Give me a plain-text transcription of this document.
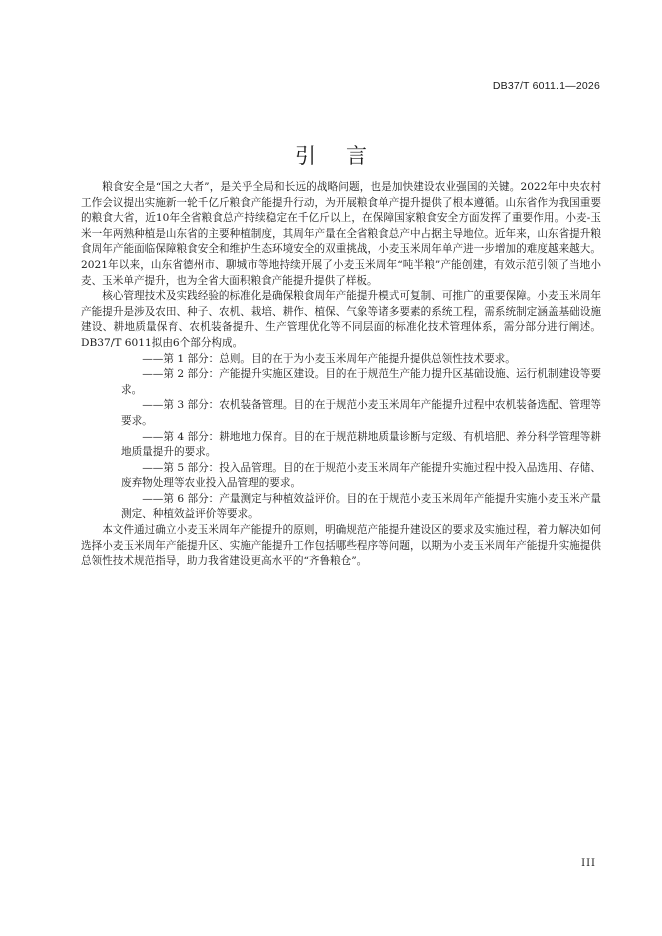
DB37/T 6011.1—2026
引言

粮食安全是“国之大者”，是关乎全局和长远的战略问题，也是加快建设农业强国的关键。2022年中央农村工作会议提出实施新一轮千亿斤粮食产能提升行动，为开展粮食单产提升提供了根本遵循。山东省作为我国重要的粮食大省，近10年全省粮食总产持续稳定在千亿斤以上，在保障国家粮食安全方面发挥了重要作用。小麦-玉米一年两熟种植是山东省的主要种植制度，其周年产量在全省粮食总产中占据主导地位。近年来，山东省提升粮食周年产能面临保障粮食安全和维护生态环境安全的双重挑战，小麦玉米周年单产进一步增加的难度越来越大。2021年以来，山东省德州市、聊城市等地持续开展了小麦玉米周年“吨半粮”产能创建，有效示范引领了当地小麦、玉米单产提升，也为全省大面积粮食产能提升提供了样板。

核心管理技术及实践经验的标准化是确保粮食周年产能提升模式可复制、可推广的重要保障。小麦玉米周年产能提升是涉及农田、种子、农机、栽培、耕作、植保、气象等诸多要素的系统工程，需系统制定涵盖基础设施建设、耕地质量保育、农机装备提升、生产管理优化等不同层面的标准化技术管理体系，需分部分进行阐述。DB37/T 6011拟由6个部分构成。

——第 1 部分：总则。目的在于为小麦玉米周年产能提升提供总领性技术要求。

——第 2 部分：产能提升实施区建设。目的在于规范生产能力提升区基础设施、运行机制建设等要求。

——第 3 部分：农机装备管理。目的在于规范小麦玉米周年产能提升过程中农机装备选配、管理等要求。

——第 4 部分：耕地地力保育。目的在于规范耕地质量诊断与定级、有机培肥、养分科学管理等耕地质量提升的要求。

——第 5 部分：投入品管理。目的在于规范小麦玉米周年产能提升实施过程中投入品选用、存储、废弃物处理等农业投入品管理的要求。

——第 6 部分：产量测定与种植效益评价。目的在于规范小麦玉米周年产能提升实施小麦玉米产量测定、种植效益评价等要求。

本文件通过确立小麦玉米周年产能提升的原则，明确规范产能提升建设区的要求及实施过程，着力解决如何选择小麦玉米周年产能提升区、实施产能提升工作包括哪些程序等问题，以期为小麦玉米周年产能提升实施提供总领性技术规范指导，助力我省建设更高水平的“齐鲁粮仓”。

III
